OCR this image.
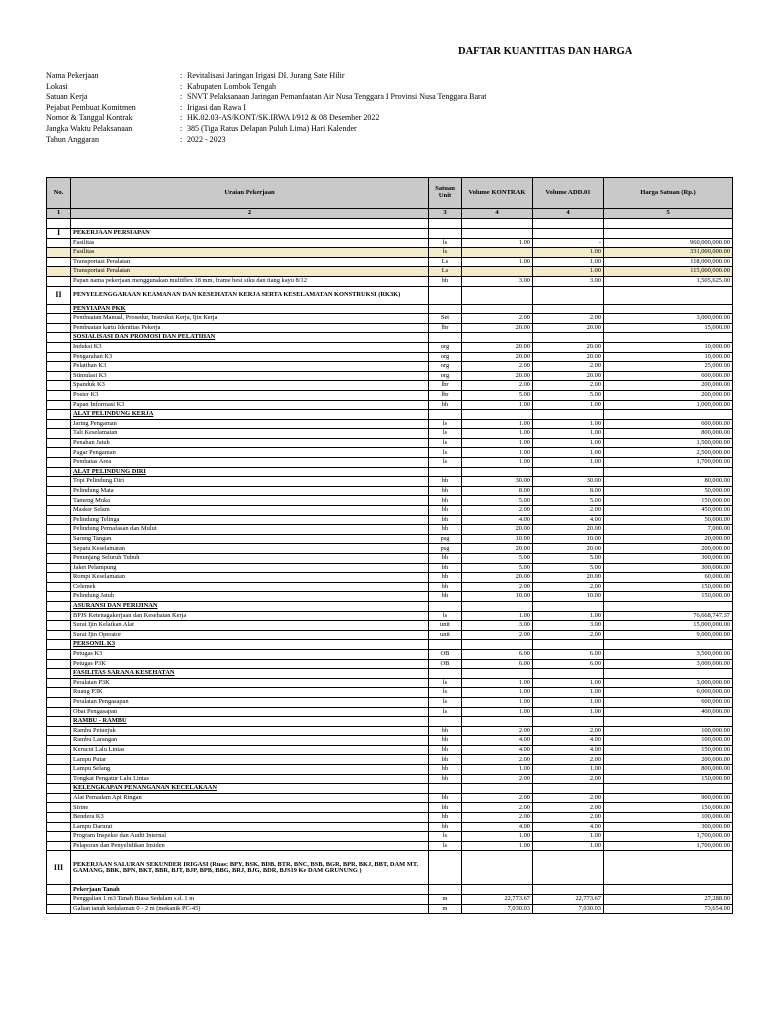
DAFTAR KUANTITAS DAN HARGA
Nama Pekerjaan	: Revitalisasi Jaringan Irigasi DI. Jurang Sate Hilir
Lokasi	: Kabupaten Lombok Tengah
Satuan Kerja	: SNVT Pelaksanaan Jaringan Pemanfaatan Air Nusa Tenggara I Provinsi Nusa Tenggara Barat
Pejabat Pembuat Komitmen	: Irigasi dan Rawa I
Nomor & Tanggal Kontrak	: HK.02.03-AS/KONT/SK.IRWA I/912 & 08 Desember 2022
Jangka Waktu Pelaksanaan	: 385 (Tiga Ratus Delapan Puluh Lima) Hari Kalender
Tahun Anggaran	: 2022 - 2023
No.	Uraian Pekerjaan	Satuan Unit	Volume KONTRAK	Volume ADD.01	Harga Satuan (Rp.)
1	2	3	4	4	5

I	PEKERJAAN PERSIAPAN				
	Fasilitas	ls	1.00	-	960,000,000.00
	Fasilitas	ls		1.00	331,000,000.00
	Transportasi Peralatan	Ls	1.00	1.00	118,000,000.00
	Transportasi Peralatan	Ls		1.00	115,000,000.00
	Papan nama pekerjaan menggunakan multiflex 18 mm, frame besi siku dan tiang kayu 8/12	bh	3.00	3.00	1,505,625.00
II	PENYELENGGARAAN KEAMANAN DAN KESEHATAN KERJA SERTA KESELAMATAN KONSTRUKSI (RK3K)				
	PENYIAPAN PKK				
	Pembuatan Manual, Prosedur, Instruksi Kerja, Ijin Kerja	Set	2.00	2.00	3,000,000.00
	Pembuatan kartu Identitas Pekerja	lbr	20.00	20.00	15,000.00
	SOSIALISASI DAN PROMOSI DAN PELATIHAN				
	Induksi K3	org	20.00	20.00	10,000.00
	Pengarahan K3	org	20.00	20.00	10,000.00
	Pelatihan K3	org	2.00	2.00	25,000.00
	Stimulasi K3	org	20.00	20.00	600,000.00
	Spanduk K3	lbr	2.00	2.00	200,000.00
	Poster K3	lbr	5.00	5.00	200,000.00
	Papan Informasi K3	bh	1.00	1.00	1,000,000.00
	ALAT PELINDUNG KERJA				
	Jaring Pengaman	ls	1.00	1.00	600,000.00
	Tali Keselamatan	ls	1.00	1.00	800,000.00
	Penahan Jatuh	ls	1.00	1.00	1,500,000.00
	Pagar Pengaman	ls	1.00	1.00	2,500,000.00
	Pembatas Area	ls	1.00	1.00	1,700,000.00
	ALAT PELINDUNG DIRI				
	Topi Pelindung Diri	bh	30.00	30.00	80,000.00
	Pelindung Mata	bh	8.00	8.00	50,000.00
	Tameng Muka	bh	5.00	5.00	150,000.00
	Masker Selam	bh	2.00	2.00	450,000.00
	Pelindung Telinga	bh	4.00	4.00	50,000.00
	Pelindung Pernafasan dan Mulut	bh	20.00	20.00	7,000.00
	Sarung Tangan	psg	10.00	10.00	20,000.00
	Sepatu Keselamatan	psg	20.00	20.00	200,000.00
	Penunjang Seluruh Tubuh	bh	5.00	5.00	300,000.00
	Jaket Pelampung	bh	5.00	5.00	300,000.00
	Rompi Keselamatan	bh	20.00	20.00	60,000.00
	Celemek	bh	2.00	2.00	150,000.00
	Pelindung Jatuh	bh	10.00	10.00	150,000.00
	ASURANSI DAN PERIJINAN				
	BPJS Ketenagakerjaan dan Kesehatan Kerja	ls	1.00	1.00	76,668,747.37
	Surat Ijin Kelaikan Alat	unit	3.00	3.00	15,000,000.00
	Surat Ijin Operator	unit	2.00	2.00	9,000,000.00
	PERSONIL K3				
	Petugas K3	OB	6.00	6.00	3,500,000.00
	Petugas P3K	OB	6.00	6.00	3,000,000.00
	FASILITAS SARANA KESEHATAN				
	Peralatan P3K	ls	1.00	1.00	3,000,000.00
	Ruang P3K	ls	1.00	1.00	6,000,000.00
	Peralatan Pengasapan	ls	1.00	1.00	600,000.00
	Obat Pengasapan	ls	1.00	1.00	400,000.00
	RAMBU - RAMBU				
	Rambu Petunjuk	bh	2.00	2.00	100,000.00
	Rambu Larangan	bh	4.00	4.00	100,000.00
	Kerucut Lalu Lintas	bh	4.00	4.00	150,000.00
	Lampu Putar	bh	2.00	2.00	200,000.00
	Lampu Selang	bh	1.00	1.00	800,000.00
	Tongkat Pengatur Lalu Lintas	bh	2.00	2.00	150,000.00
	KELENGKAPAN PENANGANAN KECELAKAAN				
	Alat Pemadam Api Ringan	bh	2.00	2.00	900,000.00
	Sirine	bh	2.00	2.00	150,000.00
	Bendera K3	bh	2.00	2.00	100,000.00
	Lampu Darurat	bh	4.00	4.00	300,000.00
	Program Inspeksi dan Audit Internal	ls	1.00	1.00	1,700,000.00
	Pelaporan dan Penyelidikan Insiden	ls	1.00	1.00	1,700,000.00
III	PEKERJAAN SALURAN SEKUNDER IRIGASI (Ruas: BPY, BSK, BDB, BTR, BNC, BSB, BGR, BPR, BKJ, BBT, DAM MT. GAMANG, BBK, BPN, BKT, BBR, BJT, BJP, BPB, BBG, BRJ, BJG, BDR, BJS19 Ke DAM GRUNUNG )				
	Pekerjaan Tanah				
	Penggalian 1 m3 Tanah Biasa Sedalam s.d. 1 m	m	22,773.67	22,773.67	27,288.00
	Galian tanah kedalaman 0 - 2 m (mekanik PC-45)	m	7,030.03	7,030.03	73,654.00
